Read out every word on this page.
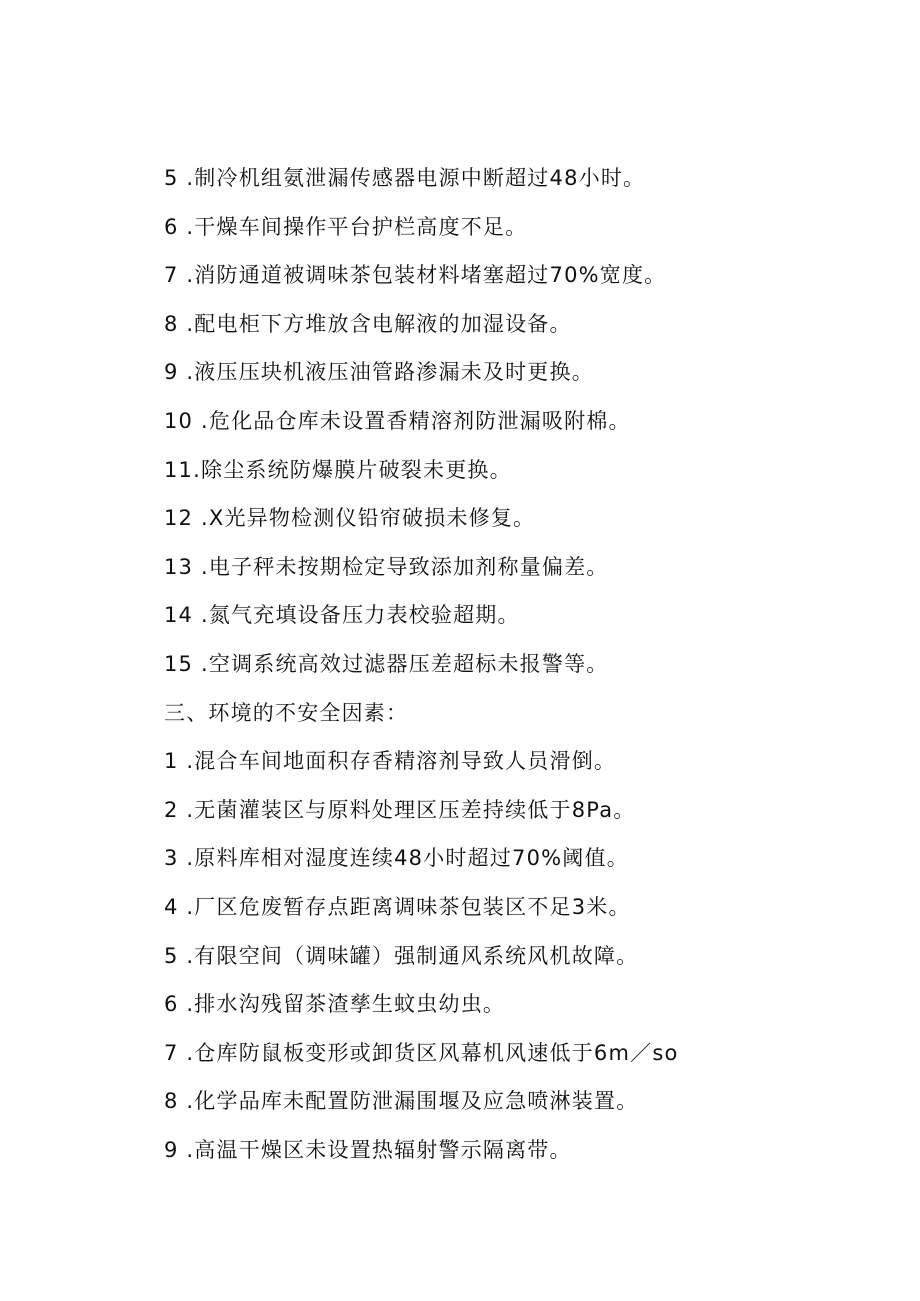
5 .制冷机组氨泄漏传感器电源中断超过48小时。
6 .干燥车间操作平台护栏高度不足。
7 .消防通道被调味茶包装材料堵塞超过70%宽度。
8 .配电柜下方堆放含电解液的加湿设备。
9 .液压压块机液压油管路渗漏未及时更换。
10 .危化品仓库未设置香精溶剂防泄漏吸附棉。
11.除尘系统防爆膜片破裂未更换。
12 .X光异物检测仪铅帘破损未修复。
13 .电子秤未按期检定导致添加剂称量偏差。
14 .氮气充填设备压力表校验超期。
15 .空调系统高效过滤器压差超标未报警等。
三、环境的不安全因素：
1 .混合车间地面积存香精溶剂导致人员滑倒。
2 .无菌灌装区与原料处理区压差持续低于8Pa。
3 .原料库相对湿度连续48小时超过70%阈值。
4 .厂区危废暂存点距离调味茶包装区不足3米。
5 .有限空间（调味罐）强制通风系统风机故障。
6 .排水沟残留茶渣孳生蚊虫幼虫。
7 .仓库防鼠板变形或卸货区风幕机风速低于6m／so
8 .化学品库未配置防泄漏围堰及应急喷淋装置。
9 .高温干燥区未设置热辐射警示隔离带。
